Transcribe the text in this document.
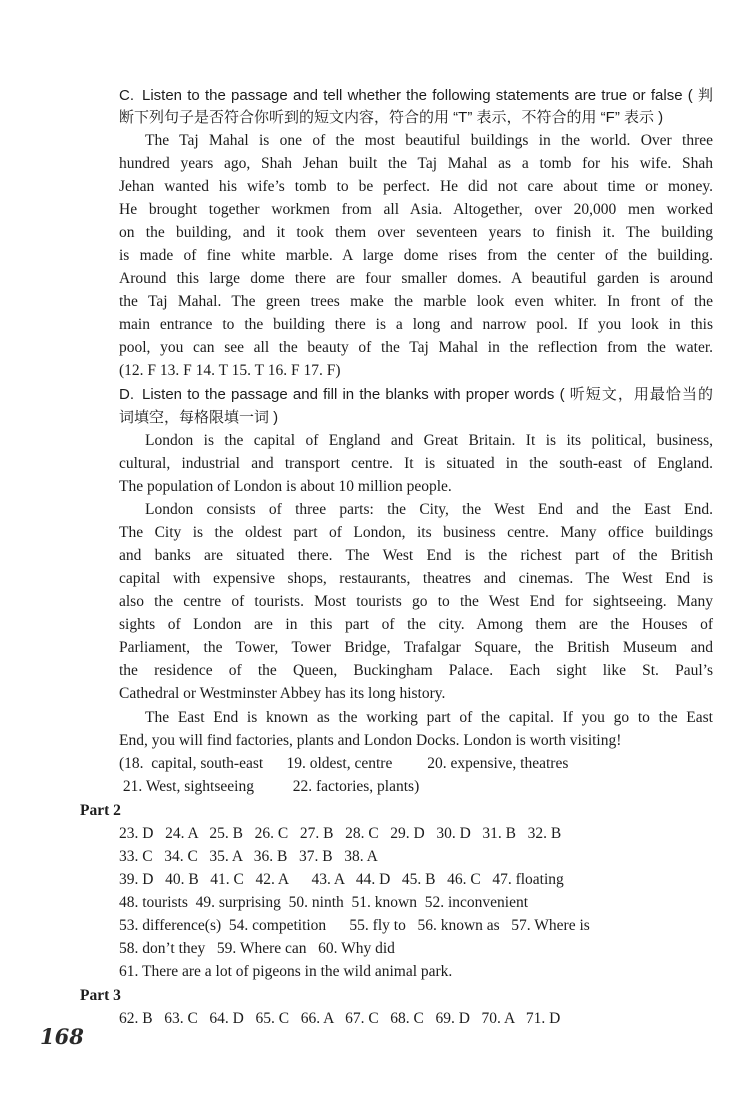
C. Listen to the passage and tell whether the following statements are true or false ( 判
断下列句子是否符合你听到的短文内容，符合的用 “T” 表示，不符合的用 “F” 表示 )
The Taj Mahal is one of the most beautiful buildings in the world. Over three
hundred years ago, Shah Jehan built the Taj Mahal as a tomb for his wife. Shah
Jehan wanted his wife’s tomb to be perfect. He did not care about time or money.
He brought together workmen from all Asia. Altogether, over 20,000 men worked
on the building, and it took them over seventeen years to finish it. The building
is made of fine white marble. A large dome rises from the center of the building.
Around this large dome there are four smaller domes. A beautiful garden is around
the Taj Mahal. The green trees make the marble look even whiter. In front of the
main entrance to the building there is a long and narrow pool. If you look in this
pool, you can see all the beauty of the Taj Mahal in the reflection from the water.
(12. F 13. F 14. T 15. T 16. F 17. F)
D. Listen to the passage and fill in the blanks with proper words ( 听短文，用最恰当的
词填空，每格限填一词 )
London is the capital of England and Great Britain. It is its political, business,
cultural, industrial and transport centre. It is situated in the south-east of England.
The population of London is about 10 million people.
London consists of three parts: the City, the West End and the East End.
The City is the oldest part of London, its business centre. Many office buildings
and banks are situated there. The West End is the richest part of the British
capital with expensive shops, restaurants, theatres and cinemas. The West End is
also the centre of tourists. Most tourists go to the West End for sightseeing. Many
sights of London are in this part of the city. Among them are the Houses of
Parliament, the Tower, Tower Bridge, Trafalgar Square, the British Museum and
the residence of the Queen, Buckingham Palace. Each sight like St. Paul’s
Cathedral or Westminster Abbey has its long history.
The East End is known as the working part of the capital. If you go to the East
End, you will find factories, plants and London Docks. London is worth visiting!
(18.  capital, south-east      19. oldest, centre         20. expensive, theatres
21. West, sightseeing          22. factories, plants)
Part 2
23. D   24. A   25. B   26. C   27. B   28. C   29. D   30. D   31. B   32. B
33. C   34. C   35. A   36. B   37. B   38. A
39. D   40. B   41. C   42. A      43. A   44. D   45. B   46. C   47. floating
48. tourists  49. surprising  50. ninth  51. known  52. inconvenient
53. difference(s)  54. competition      55. fly to   56. known as   57. Where is
58. don’t they   59. Where can   60. Why did
61. There are a lot of pigeons in the wild animal park.
Part 3
62. B   63. C   64. D   65. C   66. A   67. C   68. C   69. D   70. A   71. D
168
